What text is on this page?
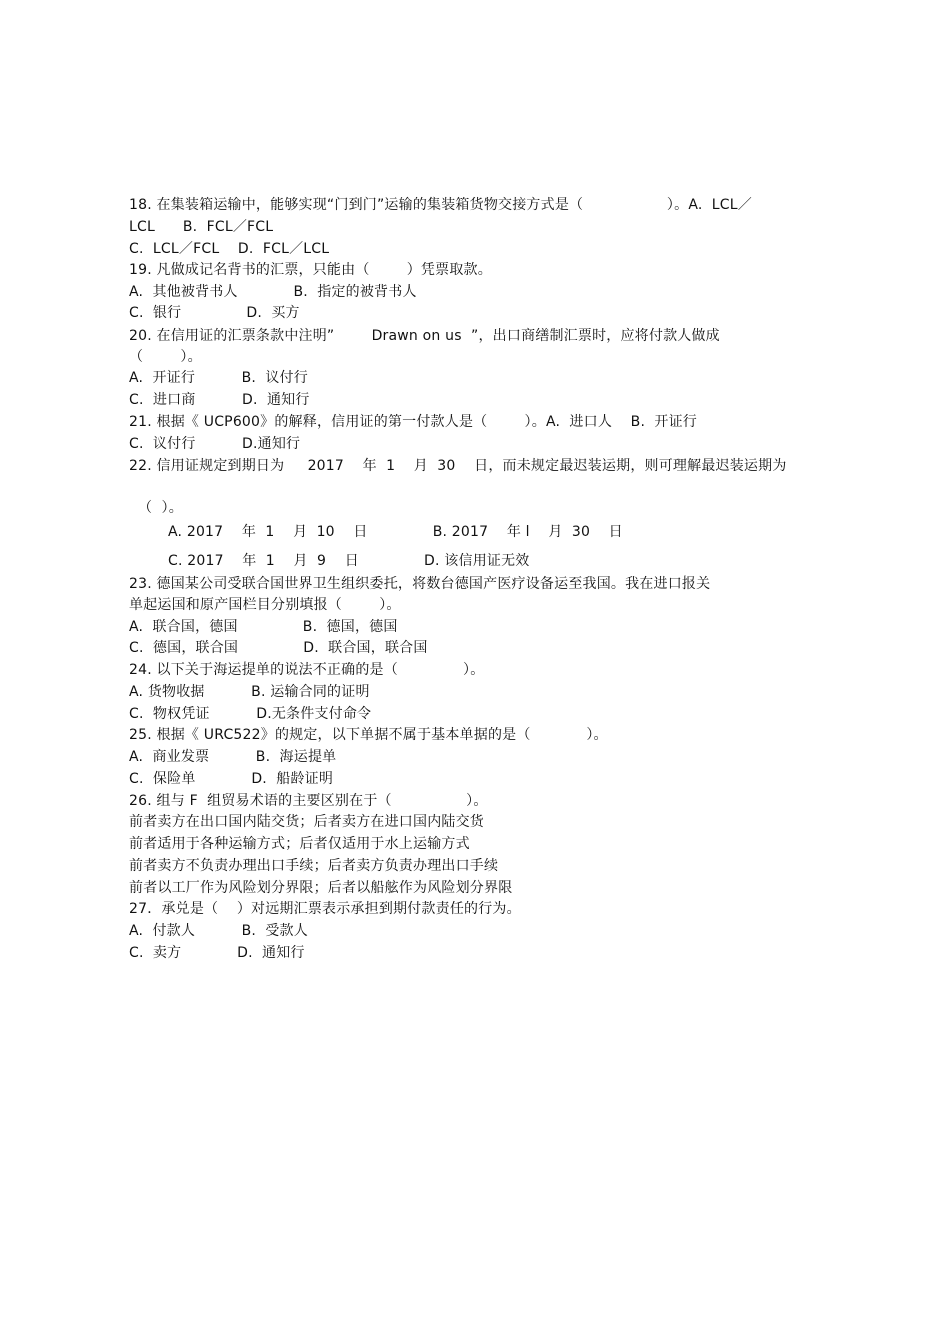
18. 在集装箱运输中，能够实现“门到门”运输的集装箱货物交接方式是（                  ）。A.  LCL／
LCL      B.  FCL／FCL
C.  LCL／FCL    D.  FCL／LCL
19. 凡做成记名背书的汇票，只能由（        ）凭票取款。
A.  其他被背书人            B.  指定的被背书人
C.  银行              D.  买方
20. 在信用证的汇票条款中注明”        Drawn on us  ”，出口商缮制汇票时，应将付款人做成
（        ）。
A.  开证行          B.  议付行
C.  进口商          D.  通知行
21. 根据《 UCP600》的解释，信用证的第一付款人是（        ）。A.  进口人    B.  开证行
C.  议付行          D.通知行
22. 信用证规定到期日为     2017    年  1    月  30    日，而未规定最迟装运期，则可理解最迟装运期为
（  ）。
A. 2017    年  1    月  10    日              B. 2017    年 l    月  30    日
C. 2017    年  1    月  9    日              D. 该信用证无效
23. 德国某公司受联合国世界卫生组织委托，将数台德国产医疗设备运至我国。我在进口报关
单起运国和原产国栏目分别填报（        ）。
A.  联合国，德国              B.  德国，德国
C.  德国，联合国              D.  联合国，联合国
24. 以下关于海运提单的说法不正确的是（              ）。
A. 货物收据          B. 运输合同的证明
C.  物权凭证          D.无条件支付命令
25. 根据《 URC522》的规定，以下单据不属于基本单据的是（            ）。
A.  商业发票          B.  海运提单
C.  保险单            D.  船龄证明
26. 组与 F  组贸易术语的主要区别在于（                ）。
前者卖方在出口国内陆交货；后者卖方在进口国内陆交货
前者适用于各种运输方式；后者仅适用于水上运输方式
前者卖方不负责办理出口手续；后者卖方负责办理出口手续
前者以工厂作为风险划分界限；后者以船舷作为风险划分界限
27．承兑是（    ）对远期汇票表示承担到期付款责任的行为。
A.  付款人          B.  受款人
C.  卖方            D.  通知行
